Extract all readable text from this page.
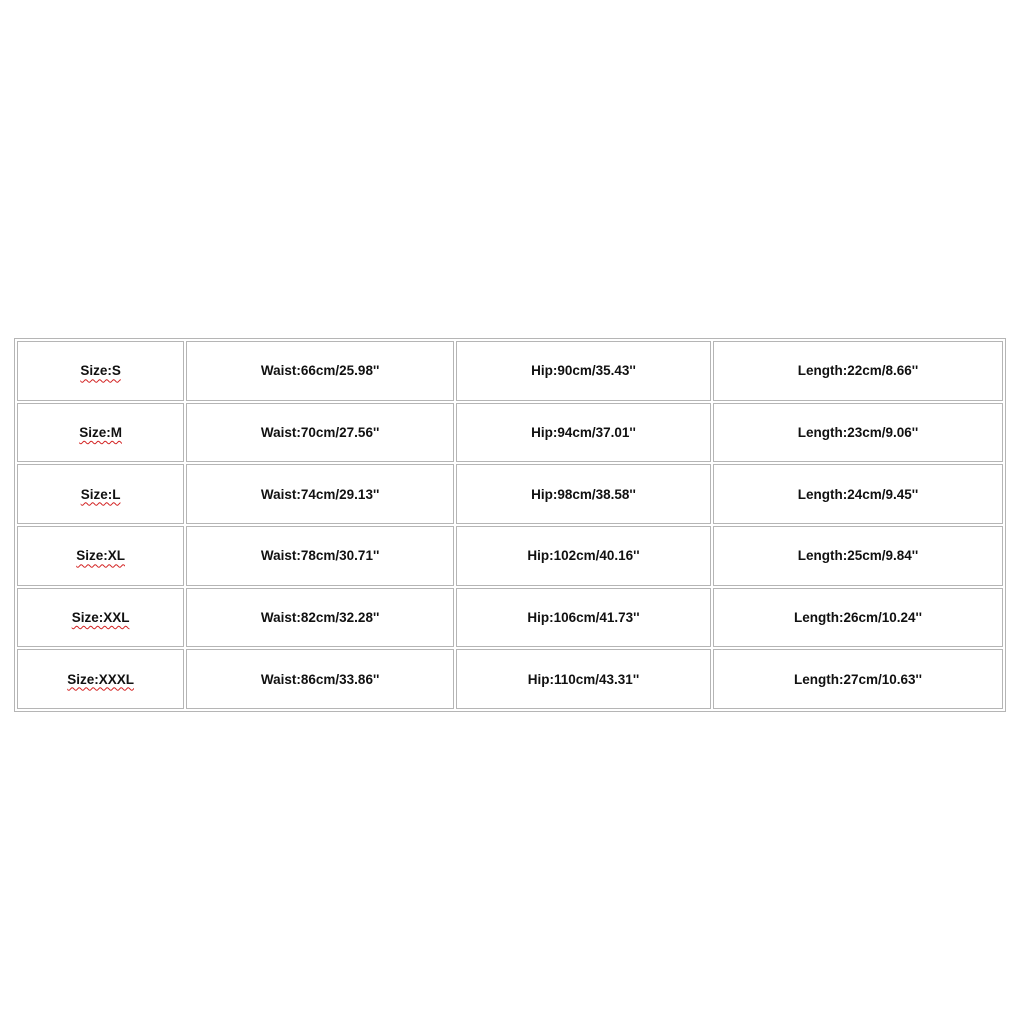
Size:S	Waist:66cm/25.98''	Hip:90cm/35.43''	Length:22cm/8.66''
Size:M	Waist:70cm/27.56''	Hip:94cm/37.01''	Length:23cm/9.06''
Size:L	Waist:74cm/29.13''	Hip:98cm/38.58''	Length:24cm/9.45''
Size:XL	Waist:78cm/30.71''	Hip:102cm/40.16''	Length:25cm/9.84''
Size:XXL	Waist:82cm/32.28''	Hip:106cm/41.73''	Length:26cm/10.24''
Size:XXXL	Waist:86cm/33.86''	Hip:110cm/43.31''	Length:27cm/10.63''
